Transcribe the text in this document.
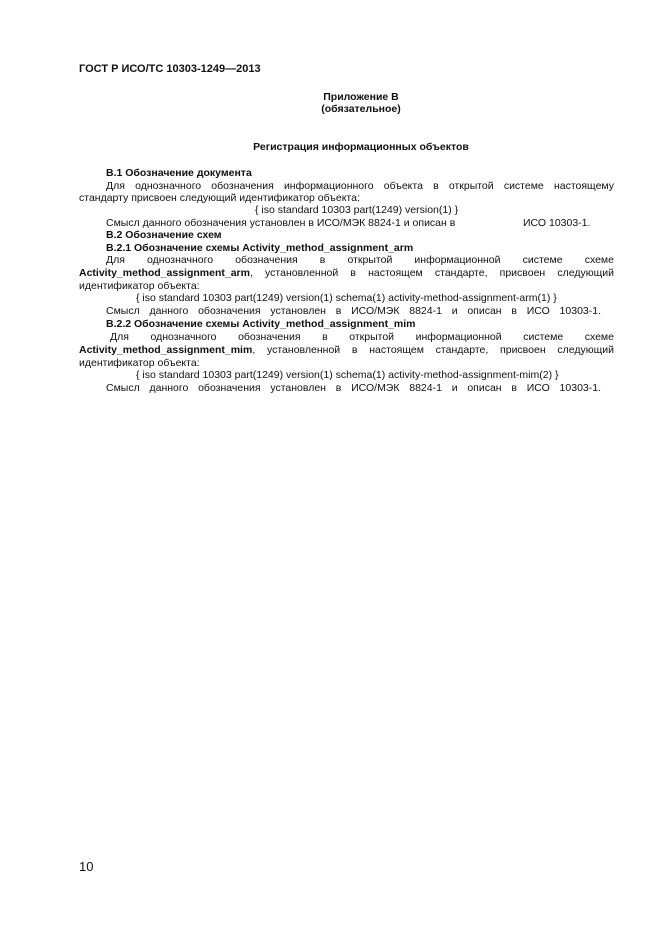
ГОСТ Р ИСО/ТС 10303-1249—2013
Приложение В
(обязательное)
Регистрация информационных объектов
В.1 Обозначение документа
Для однозначного обозначения информационного объекта в открытой системе настоящему
стандарту присвоен следующий идентификатор объекта:
{ iso standard 10303 part(1249) version(1) }
Смысл данного обозначения установлен в ИСО/МЭК 8824-1 и описан в	ИСО 10303-1.
В.2 Обозначение схем
В.2.1 Обозначение схемы Activity_method_assignment_arm
Для однозначного обозначения в открытой информационной системе схеме
Activity_method_assignment_arm , установленной в настоящем стандарте, присвоен следующий
идентификатор объекта:
{ iso standard 10303 part(1249) version(1) schema(1) activity-method-assignment-arm(1) }
Смысл данного обозначения установлен в ИСО/МЭК 8824-1 и описан в ИСО 10303-1.
В.2.2 Обозначение схемы Activity_method_assignment_mim
Для однозначного обозначения в открытой информационной системе схеме
Activity_method_assignment_mim , установленной в настоящем стандарте, присвоен следующий
идентификатор объекта:
{ iso standard 10303 part(1249) version(1) schema(1) activity-method-assignment-mim(2) }
Смысл данного обозначения установлен в ИСО/МЭК 8824-1 и описан в ИСО 10303-1.
10
